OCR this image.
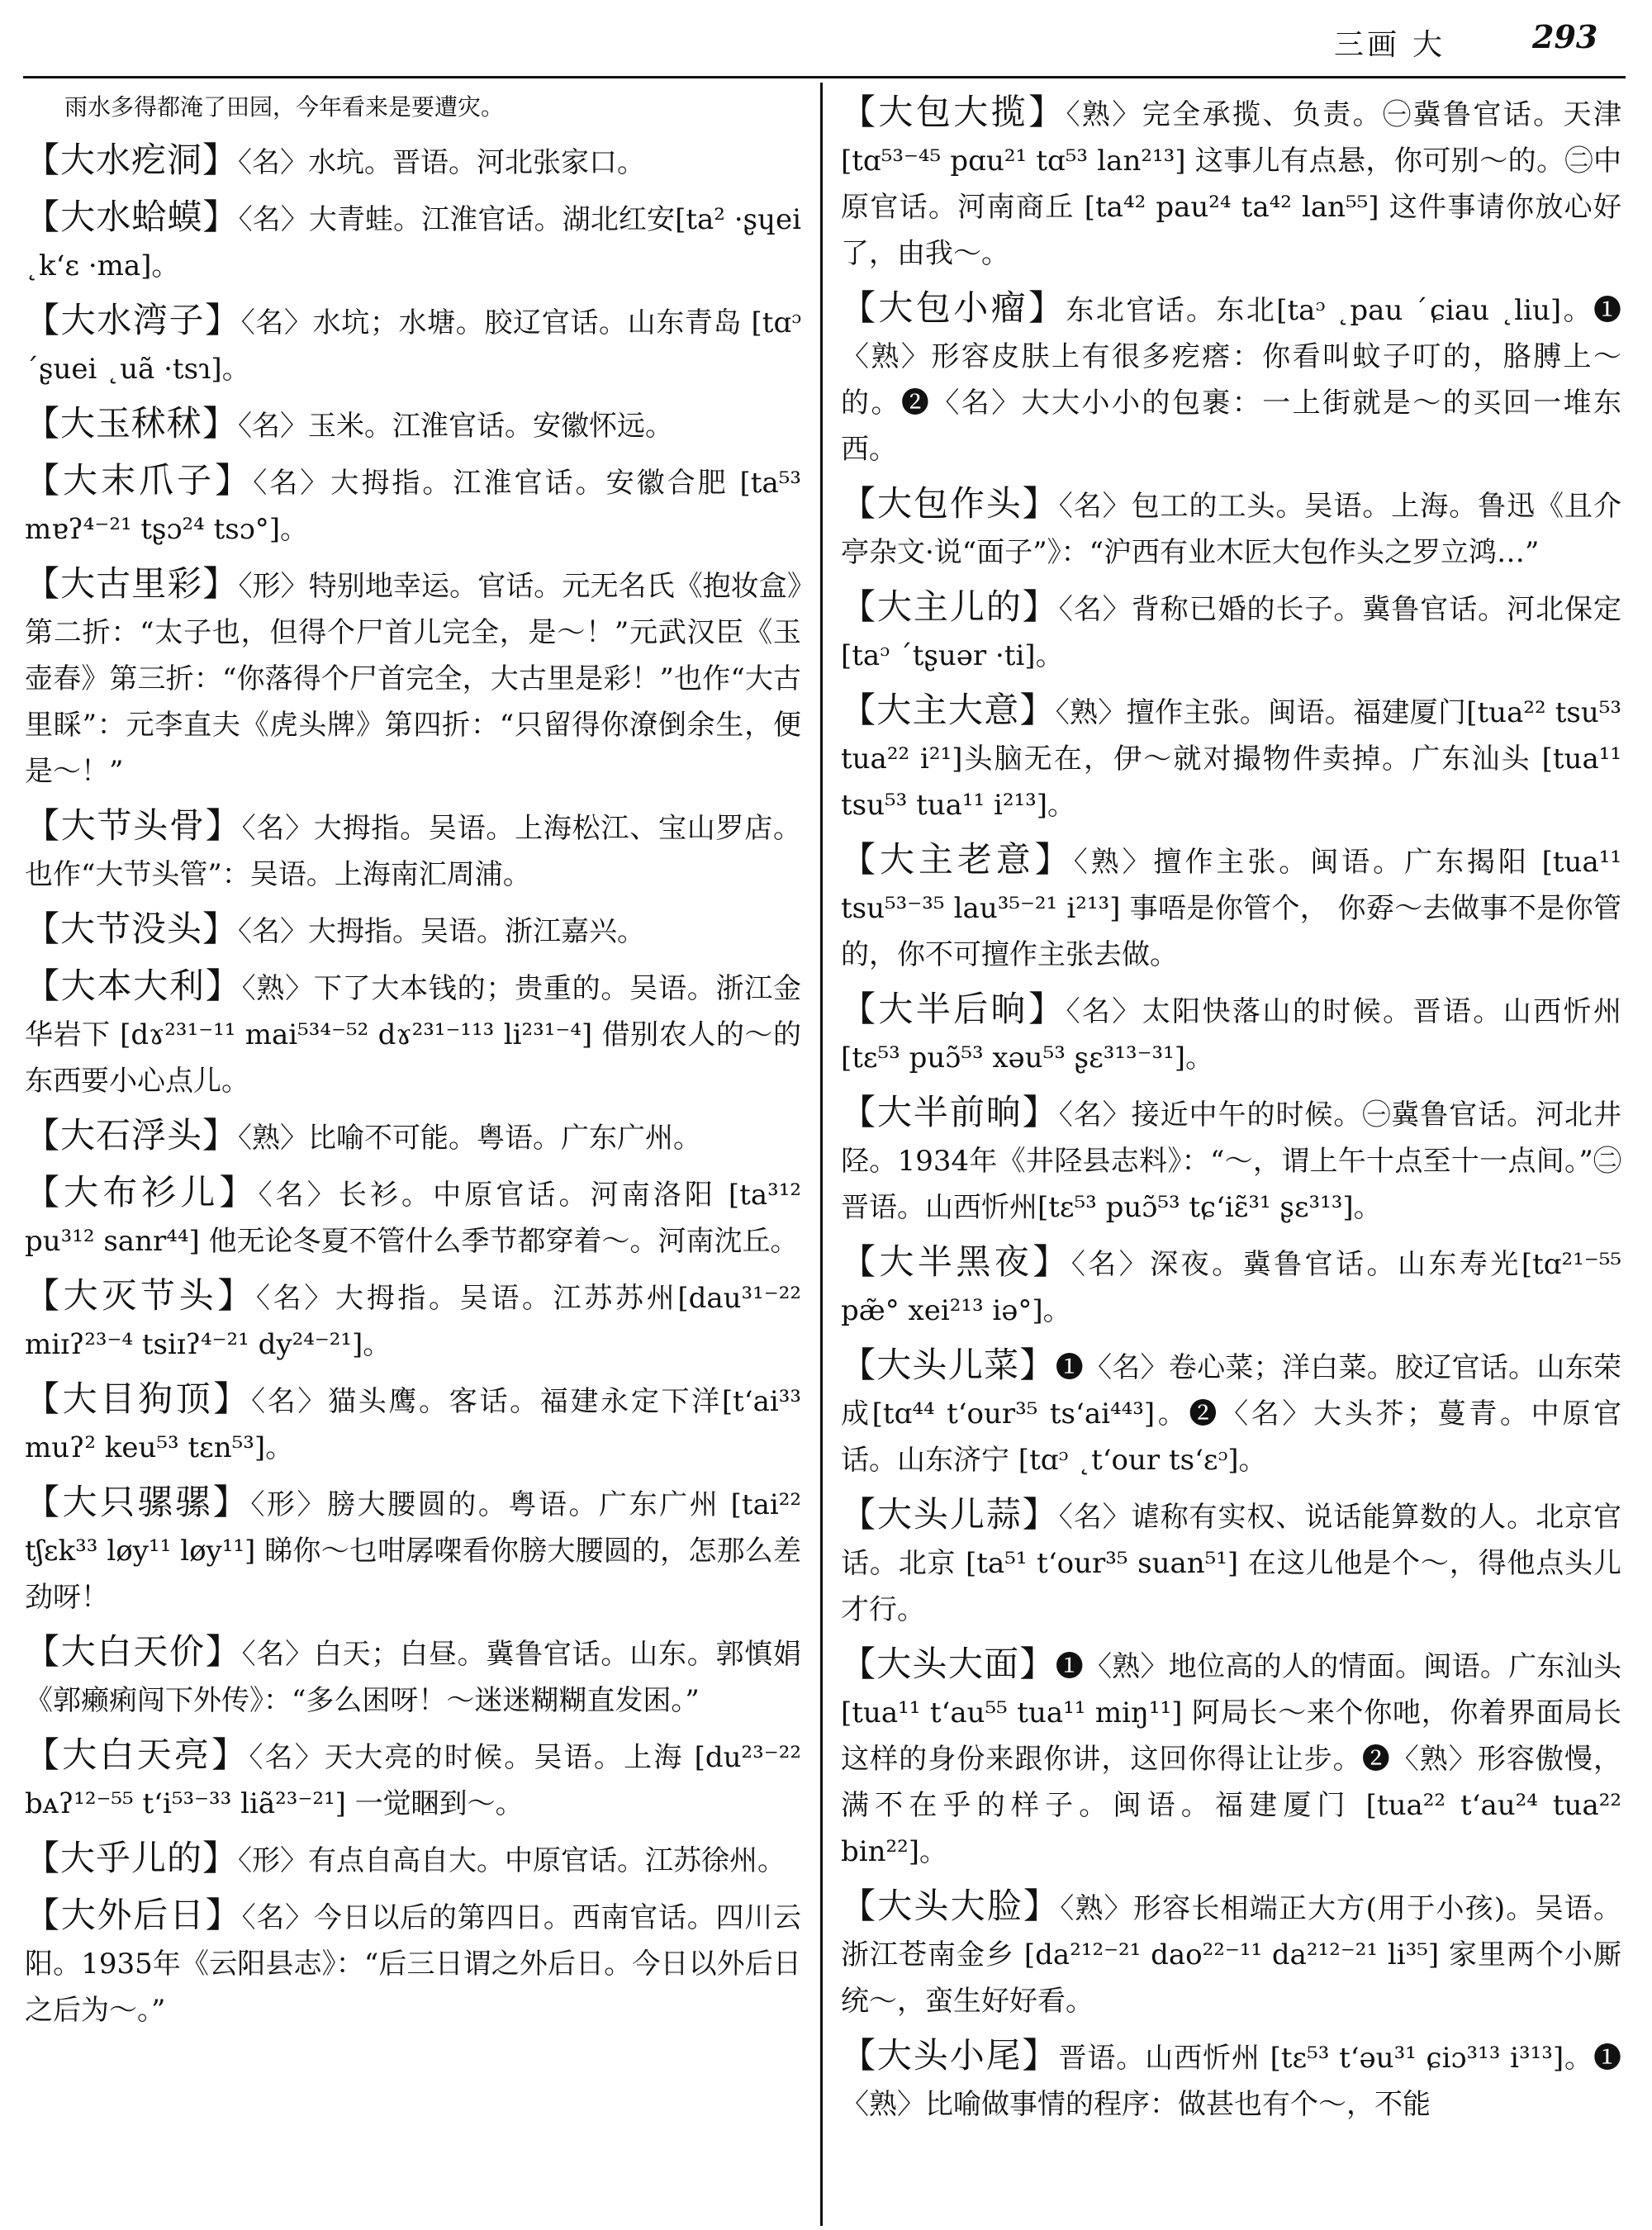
三画 大	293

雨水多得都淹了田园，今年看来是要遭灾。

【大水疙洞】〈名〉水坑。晋语。河北张家口。

【大水蛤蟆】〈名〉大青蛙。江淮官话。湖北红安[ta² ·ʂɥei ˛kʻɛ ·ma]。

【大水湾子】〈名〉水坑；水塘。胶辽官话。山东青岛 [tɑᵓ ˊʂuei ˛uã ·tsɿ]。

【大玉秫秫】〈名〉玉米。江淮官话。安徽怀远。

【大末爪子】〈名〉大拇指。江淮官话。安徽合肥 [ta⁵³ mɐʔ⁴⁻²¹ tʂɔ²⁴ tsɔ°]。

【大古里彩】〈形〉特别地幸运。官话。元无名氏《抱妆盒》第二折：“太子也，但得个尸首儿完全，是～！”元武汉臣《玉壶春》第三折：“你落得个尸首完全，大古里是彩！”也作“大古里睬”：元李直夫《虎头牌》第四折：“只留得你潦倒余生，便是～！”

【大节头骨】〈名〉大拇指。吴语。上海松江、宝山罗店。也作“大节头管”：吴语。上海南汇周浦。

【大节没头】〈名〉大拇指。吴语。浙江嘉兴。

【大本大利】〈熟〉下了大本钱的；贵重的。吴语。浙江金华岩下 [dɤ²³¹⁻¹¹ mai⁵³⁴⁻⁵² dɤ²³¹⁻¹¹³ li²³¹⁻⁴] 借别农人的～的东西要小心点儿。

【大石浮头】〈熟〉比喻不可能。粤语。广东广州。

【大布衫儿】〈名〉长衫。中原官话。河南洛阳 [ta³¹² pu³¹² sanr⁴⁴] 他无论冬夏不管什么季节都穿着～。河南沈丘。

【大灭节头】〈名〉大拇指。吴语。江苏苏州[dau³¹⁻²² miɪʔ²³⁻⁴ tsiɪʔ⁴⁻²¹ dy²⁴⁻²¹]。

【大目狗顶】〈名〉猫头鹰。客话。福建永定下洋[tʻai³³ muʔ² keu⁵³ tɛn⁵³]。

【大只骡骡】〈形〉膀大腰圆的。粤语。广东广州 [tai²² tʃɛk³³ løy¹¹ løy¹¹] 睇你～乜咁孱㗎看你膀大腰圆的，怎那么差劲呀！

【大白天价】〈名〉白天；白昼。冀鲁官话。山东。郭慎娟《郭癞痢闯下外传》：“多么困呀！～迷迷糊糊直发困。”

【大白天亮】〈名〉天大亮的时候。吴语。上海 [du²³⁻²² bᴀʔ¹²⁻⁵⁵ tʻi⁵³⁻³³ liã²³⁻²¹] 一觉睏到～。

【大乎儿的】〈形〉有点自高自大。中原官话。江苏徐州。

【大外后日】〈名〉今日以后的第四日。西南官话。四川云阳。1935年《云阳县志》：“后三日谓之外后日。今日以外后日之后为～。”

【大包大揽】〈熟〉完全承揽、负责。㊀冀鲁官话。天津 [tɑ⁵³⁻⁴⁵ pɑu²¹ tɑ⁵³ lan²¹³] 这事儿有点悬，你可别～的。㊁中原官话。河南商丘 [ta⁴² pau²⁴ ta⁴² lan⁵⁵] 这件事请你放心好了，由我～。

【大包小瘤】东北官话。东北[taᵓ ˛pau ˊɕiau ˛liu]。❶〈熟〉形容皮肤上有很多疙瘩：你看叫蚊子叮的，胳膊上～的。❷〈名〉大大小小的包裹：一上街就是～的买回一堆东西。

【大包作头】〈名〉包工的工头。吴语。上海。鲁迅《且介亭杂文·说“面子”》：“沪西有业木匠大包作头之罗立鸿…”

【大主儿的】〈名〉背称已婚的长子。冀鲁官话。河北保定 [taᵓ ˊtʂuər ·ti]。

【大主大意】〈熟〉擅作主张。闽语。福建厦门[tua²² tsu⁵³ tua²² i²¹]头脑无在，伊～就对撮物件卖掉。广东汕头 [tua¹¹ tsu⁵³ tua¹¹ i²¹³]。

【大主老意】〈熟〉擅作主张。闽语。广东揭阳 [tua¹¹ tsu⁵³⁻³⁵ lau³⁵⁻²¹ i²¹³] 事唔是你管个， 你孬～去做事不是你管的，你不可擅作主张去做。

【大半后晌】〈名〉太阳快落山的时候。晋语。山西忻州 [tɛ⁵³ puɔ̃⁵³ xəu⁵³ ʂɛ³¹³⁻³¹]。

【大半前晌】〈名〉接近中午的时候。㊀冀鲁官话。河北井陉。1934年《井陉县志料》：“～，谓上午十点至十一点间。”㊁晋语。山西忻州[tɛ⁵³ puɔ̃⁵³ tɕʻiɛ̃³¹ ʂɛ³¹³]。

【大半黑夜】〈名〉深夜。冀鲁官话。山东寿光[tɑ²¹⁻⁵⁵ pæ̃° xei²¹³ iə°]。

【大头儿菜】❶〈名〉卷心菜；洋白菜。胶辽官话。山东荣成[tɑ⁴⁴ tʻour³⁵ tsʻai⁴⁴³]。❷〈名〉大头芥；蔓青。中原官话。山东济宁 [tɑᵓ ˛tʻour tsʻɛᵓ]。

【大头儿蒜】〈名〉谑称有实权、说话能算数的人。北京官话。北京 [ta⁵¹ tʻour³⁵ suan⁵¹] 在这儿他是个～，得他点头儿才行。

【大头大面】❶〈熟〉地位高的人的情面。闽语。广东汕头 [tua¹¹ tʻau⁵⁵ tua¹¹ miŋ¹¹] 阿局长～来个你吔，你着界面局长这样的身份来跟你讲，这回你得让让步。❷〈熟〉形容傲慢，满不在乎的样子。闽语。福建厦门 [tua²² tʻau²⁴ tua²² bin²²]。

【大头大脸】〈熟〉形容长相端正大方(用于小孩)。吴语。浙江苍南金乡 [da²¹²⁻²¹ dao²²⁻¹¹ da²¹²⁻²¹ li³⁵] 家里两个小厮统～，蛮生好好看。

【大头小尾】晋语。山西忻州 [tɛ⁵³ tʻəu³¹ ɕiɔ³¹³ i³¹³]。❶〈熟〉比喻做事情的程序：做甚也有个～，不能
